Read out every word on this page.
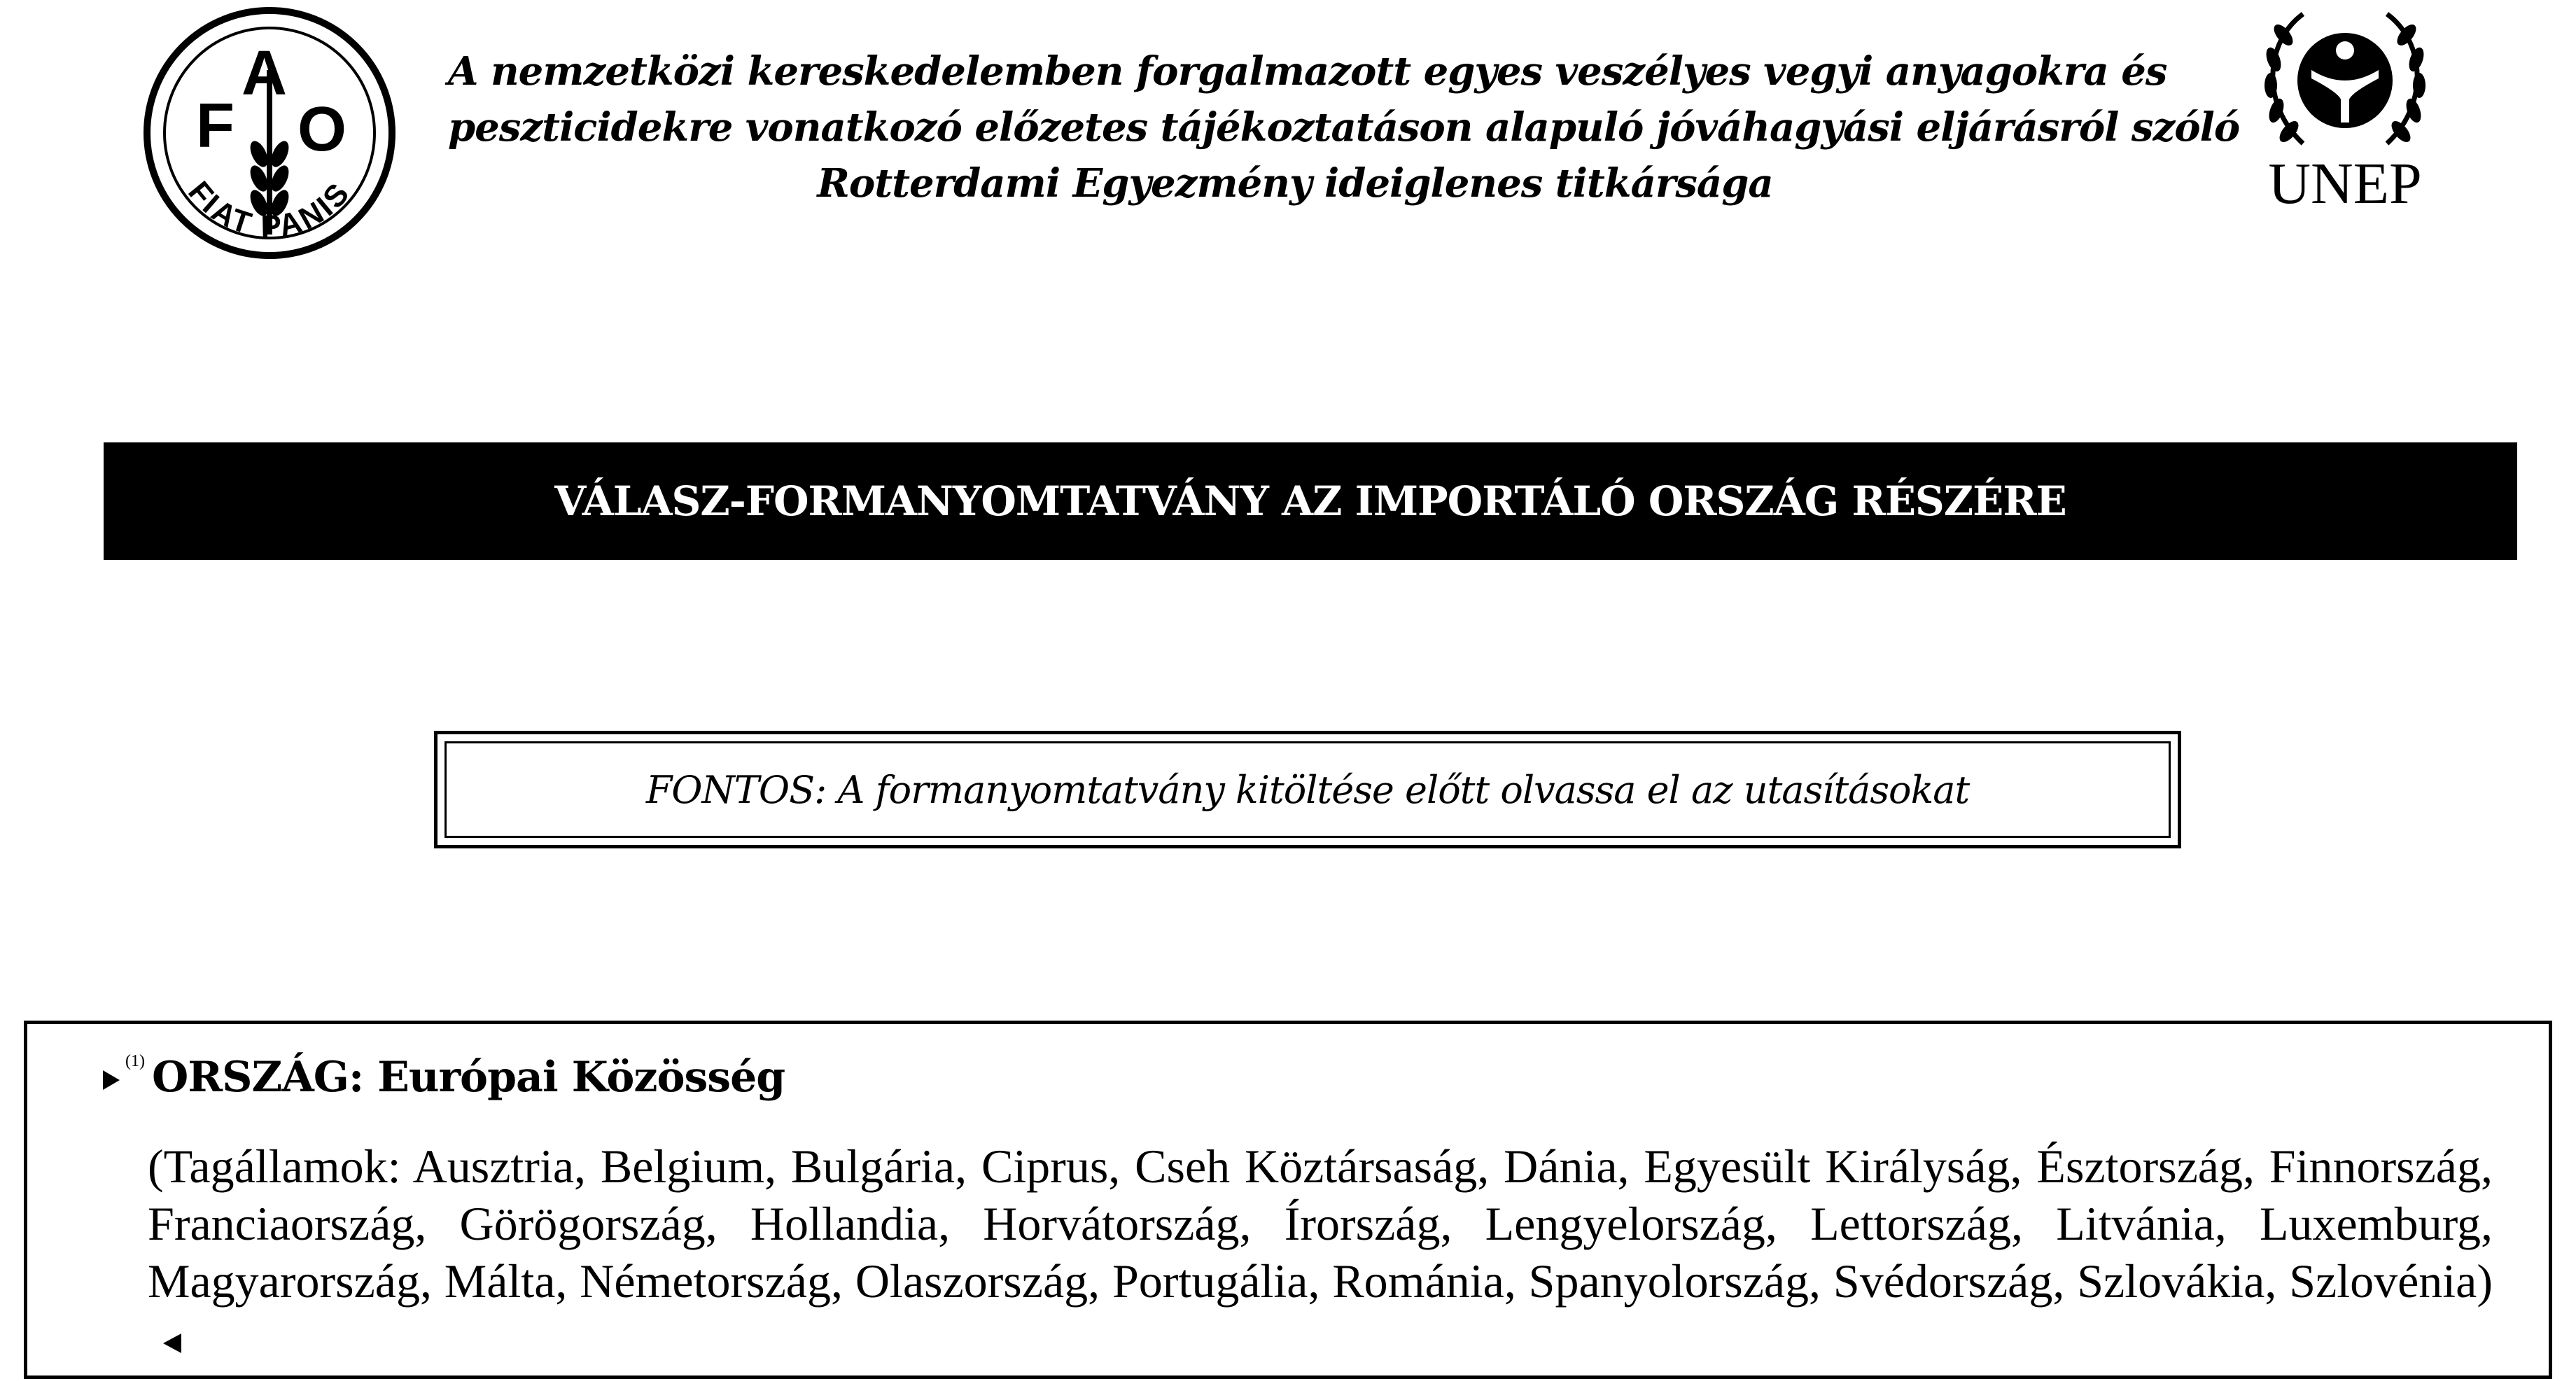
F
A
O
FIAT PANIS	UNEP
A nemzetközi kereskedelemben forgalmazott egyes veszélyes vegyi anyagokra és
peszticidekre vonatkozó előzetes tájékoztatáson alapuló jóváhagyási eljárásról szóló
Rotterdami Egyezmény ideiglenes titkársága
VÁLASZ-FORMANYOMTATVÁNY AZ IMPORTÁLÓ ORSZÁG RÉSZÉRE
FONTOS: A formanyomtatvány kitöltése előtt olvassa el az utasításokat
(1) ORSZÁG: Európai Közösség
(Tagállamok: Ausztria, Belgium, Bulgária, Ciprus, Cseh Köztársaság, Dánia, Egyesült Királyság, Észtország, Finnország, Franciaország, Görögország, Hollandia, Horvátország, Írország, Lengyelország, Lettország, Litvánia, Luxemburg, Magyarország, Málta, Németország, Olaszország, Portugália, Románia, Spanyolország, Svédország, Szlovákia, Szlovénia)
